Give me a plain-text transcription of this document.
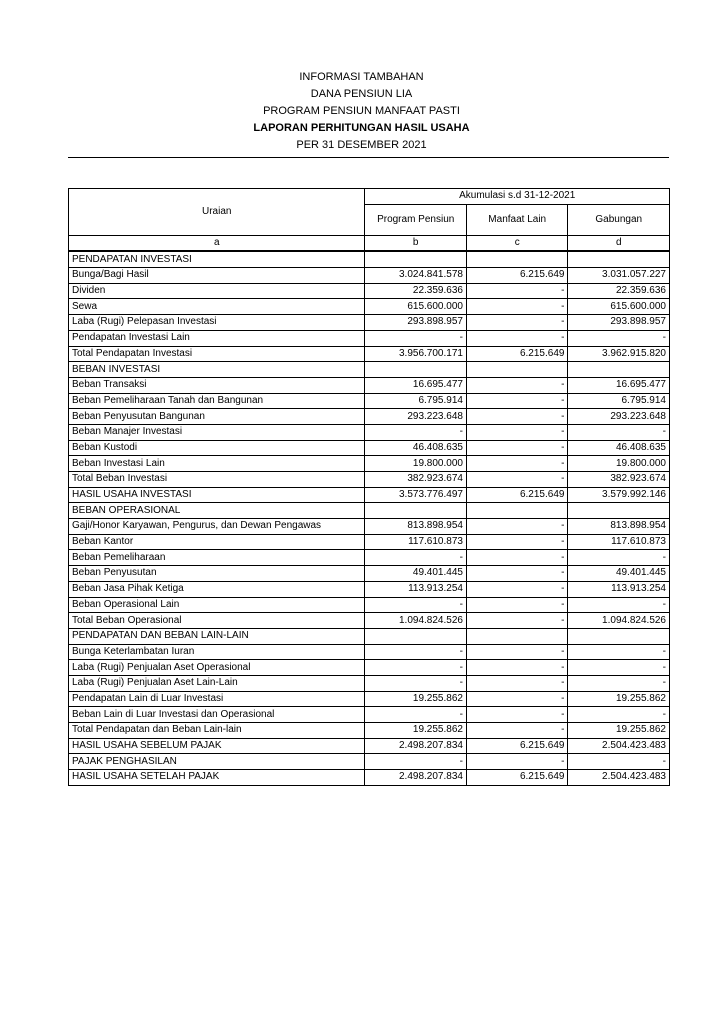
INFORMASI TAMBAHAN
DANA PENSIUN LIA
PROGRAM PENSIUN MANFAAT PASTI
LAPORAN PERHITUNGAN HASIL USAHA
PER 31 DESEMBER 2021
Uraian	Akumulasi s.d 31-12-2021		
	Program Pensiun	Manfaat Lain	Gabungan
a	b	c	d
PENDAPATAN INVESTASI			
Bunga/Bagi Hasil	3.024.841.578	6.215.649	3.031.057.227
Dividen	22.359.636	-	22.359.636
Sewa	615.600.000	-	615.600.000
Laba (Rugi) Pelepasan Investasi	293.898.957	-	293.898.957
Pendapatan Investasi Lain	-	-	-
Total Pendapatan Investasi	3.956.700.171	6.215.649	3.962.915.820
BEBAN INVESTASI			
Beban Transaksi	16.695.477	-	16.695.477
Beban Pemeliharaan Tanah dan Bangunan	6.795.914	-	6.795.914
Beban Penyusutan Bangunan	293.223.648	-	293.223.648
Beban Manajer Investasi	-	-	-
Beban Kustodi	46.408.635	-	46.408.635
Beban Investasi Lain	19.800.000	-	19.800.000
Total Beban Investasi	382.923.674	-	382.923.674
HASIL USAHA INVESTASI	3.573.776.497	6.215.649	3.579.992.146
BEBAN OPERASIONAL			
Gaji/Honor Karyawan, Pengurus, dan Dewan Pengawas	813.898.954	-	813.898.954
Beban Kantor	117.610.873	-	117.610.873
Beban Pemeliharaan	-	-	-
Beban Penyusutan	49.401.445	-	49.401.445
Beban Jasa Pihak Ketiga	113.913.254	-	113.913.254
Beban Operasional Lain	-	-	-
Total Beban Operasional	1.094.824.526	-	1.094.824.526
PENDAPATAN DAN BEBAN LAIN-LAIN			
Bunga Keterlambatan Iuran	-	-	-
Laba (Rugi) Penjualan Aset Operasional	-	-	-
Laba (Rugi) Penjualan Aset Lain-Lain	-	-	-
Pendapatan Lain di Luar Investasi	19.255.862	-	19.255.862
Beban Lain di Luar Investasi dan Operasional	-	-	-
Total Pendapatan dan Beban Lain-lain	19.255.862	-	19.255.862
HASIL USAHA SEBELUM PAJAK	2.498.207.834	6.215.649	2.504.423.483
PAJAK PENGHASILAN	-	-	-
HASIL USAHA SETELAH PAJAK	2.498.207.834	6.215.649	2.504.423.483
